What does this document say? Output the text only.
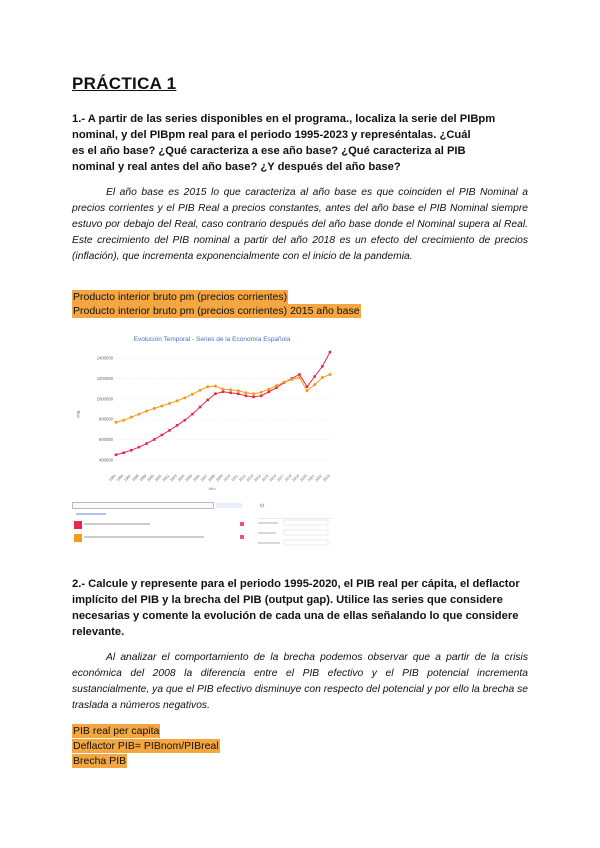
PRÁCTICA 1
1.- A partir de las series disponibles en el programa., localiza la serie del PIBpm
nominal, y del PIBpm real para el periodo 1995-2023 y represéntalas. ¿Cuál
es el año base? ¿Qué caracteriza a ese año base? ¿Qué caracteriza al PIB
nominal y real antes del año base? ¿Y después del año base?
El año base es 2015 lo que caracteriza al año base es que coinciden el PIB Nominal a precios corrientes y el PIB Real a precios constantes, antes del año base el PIB Nominal siempre estuvo por debajo del Real, caso contrario después del año base donde el Nominal supera al Real. Este crecimiento del PIB nominal a partir del año 2018 es un efecto del crecimiento de precios (inflación), que incrementa exponencialmente con el inicio de la pandemia.
Producto interior bruto pm (precios corrientes)
Producto interior bruto pm (precios corrientes) 2015 año base
Evolución Temporal - Series de la Economía Española
1400000
1200000
1000000
800000
600000
400000
PIB
1995 1996 1997 1998 1999 2000 2001 2002 2003 2004 2005 2006 2007 2008 2009 2010 2011 2012 2013 2014 2015 2016 2017 2018 2019 2020 2021 2022 2023
Año
2.- Calcule y represente para el periodo 1995-2020, el PIB real per cápita, el deflactor
implícito del PIB y la brecha del PIB (output gap). Utilice las series que considere
necesarias y comente la evolución de cada una de ellas señalando lo que considere
relevante.
Al analizar el comportamiento de la brecha podemos observar que a partir de la crisis económica del 2008 la diferencia entre el PIB efectivo y el PIB potencial incrementa sustancialmente, ya que el PIB efectivo disminuye con respecto del potencial y por ello la brecha se traslada a números negativos.
PIB real per capita
Deflactor PIB= PIBnom/PIBreal
Brecha PIB
